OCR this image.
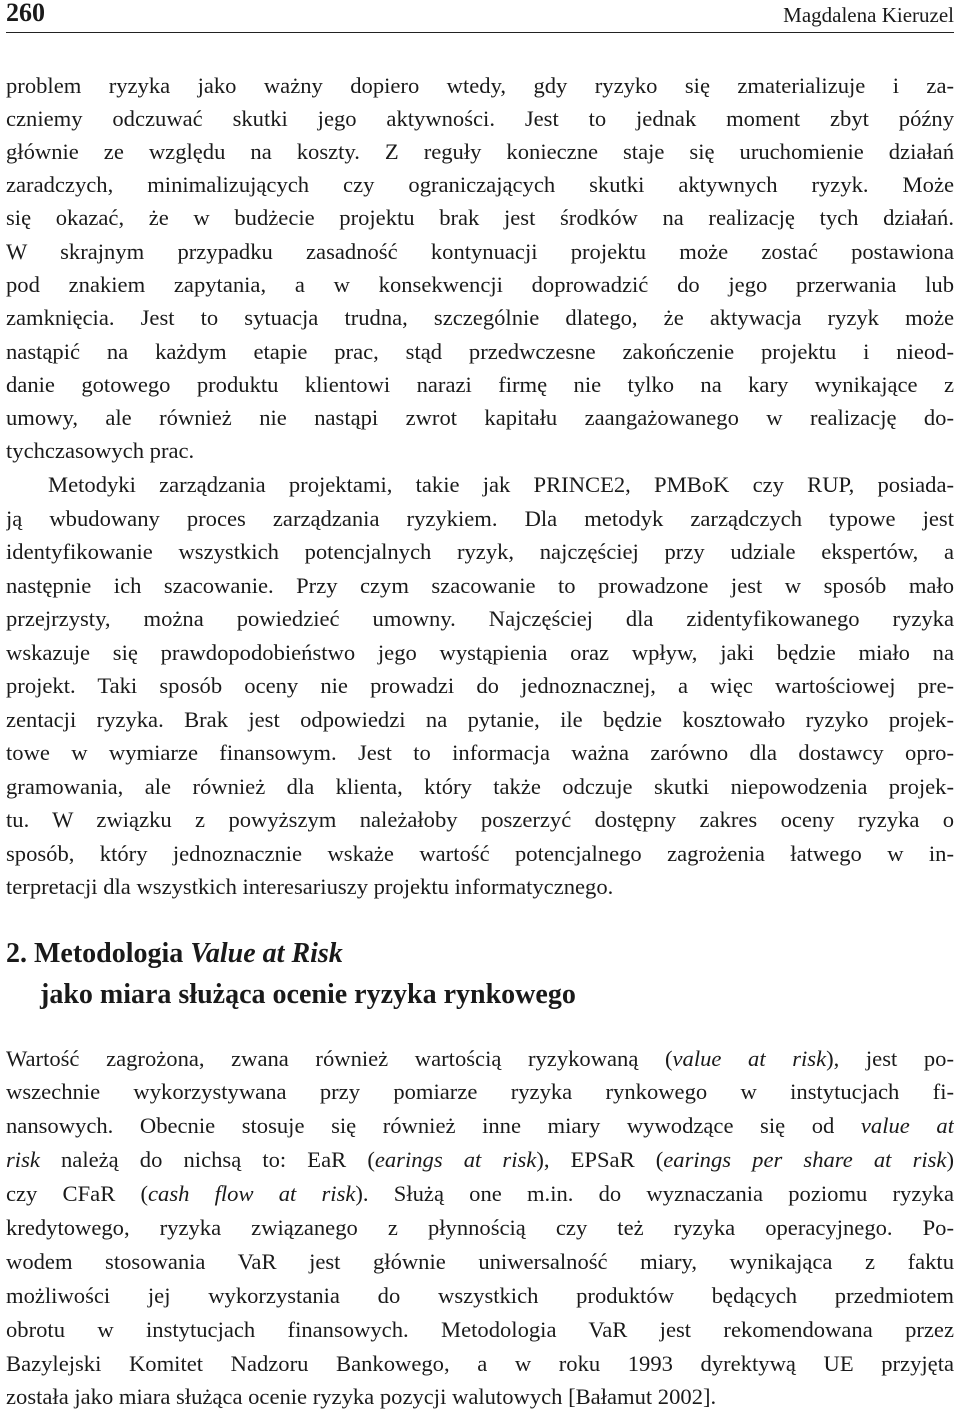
260	Magdalena Kieruzel
problem ryzyka jako ważny dopiero wtedy, gdy ryzyko się zmaterializuje i za-
czniemy odczuwać skutki jego aktywności. Jest to jednak moment zbyt późny
głównie ze względu na koszty. Z reguły konieczne staje się uruchomienie działań
zaradczych, minimalizujących czy ograniczających skutki aktywnych ryzyk. Może
się okazać, że w budżecie projektu brak jest środków na realizację tych działań.
W skrajnym przypadku zasadność kontynuacji projektu może zostać postawiona
pod znakiem zapytania, a w konsekwencji doprowadzić do jego przerwania lub
zamknięcia. Jest to sytuacja trudna, szczególnie dlatego, że aktywacja ryzyk może
nastąpić na każdym etapie prac, stąd przedwczesne zakończenie projektu i nieod-
danie gotowego produktu klientowi narazi firmę nie tylko na kary wynikające z
umowy, ale również nie nastąpi zwrot kapitału zaangażowanego w realizację do-
tychczasowych prac.
Metodyki zarządzania projektami, takie jak PRINCE2, PMBoK czy RUP, posiada-
ją wbudowany proces zarządzania ryzykiem. Dla metodyk zarządczych typowe jest
identyfikowanie wszystkich potencjalnych ryzyk, najczęściej przy udziale ekspertów, a
następnie ich szacowanie. Przy czym szacowanie to prowadzone jest w sposób mało
przejrzysty, można powiedzieć umowny. Najczęściej dla zidentyfikowanego ryzyka
wskazuje się prawdopodobieństwo jego wystąpienia oraz wpływ, jaki będzie miało na
projekt. Taki sposób oceny nie prowadzi do jednoznacznej, a więc wartościowej pre-
zentacji ryzyka. Brak jest odpowiedzi na pytanie, ile będzie kosztowało ryzyko projek-
towe w wymiarze finansowym. Jest to informacja ważna zarówno dla dostawcy opro-
gramowania, ale również dla klienta, który także odczuje skutki niepowodzenia projek-
tu. W związku z powyższym należałoby poszerzyć dostępny zakres oceny ryzyka o
sposób, który jednoznacznie wskaże wartość potencjalnego zagrożenia łatwego w in-
terpretacji dla wszystkich interesariuszy projektu informatycznego.
2. Metodologia Value at Risk
jako miara służąca ocenie ryzyka rynkowego
Wartość zagrożona, zwana również wartością ryzykowaną (value at risk), jest po-
wszechnie wykorzystywana przy pomiarze ryzyka rynkowego w instytucjach fi-
nansowych. Obecnie stosuje się również inne miary wywodzące się od value at
risk należą do nichsą to: EaR (earings at risk), EPSaR (earings per share at risk)
czy CFaR (cash flow at risk). Służą one m.in. do wyznaczania poziomu ryzyka
kredytowego, ryzyka związanego z płynnością czy też ryzyka operacyjnego. Po-
wodem stosowania VaR jest głównie uniwersalność miary, wynikająca z faktu
możliwości jej wykorzystania do wszystkich produktów będących przedmiotem
obrotu w instytucjach finansowych. Metodologia VaR jest rekomendowana przez
Bazylejski Komitet Nadzoru Bankowego, a w roku 1993 dyrektywą UE przyjęta
została jako miara służąca ocenie ryzyka pozycji walutowych [Bałamut 2002].
